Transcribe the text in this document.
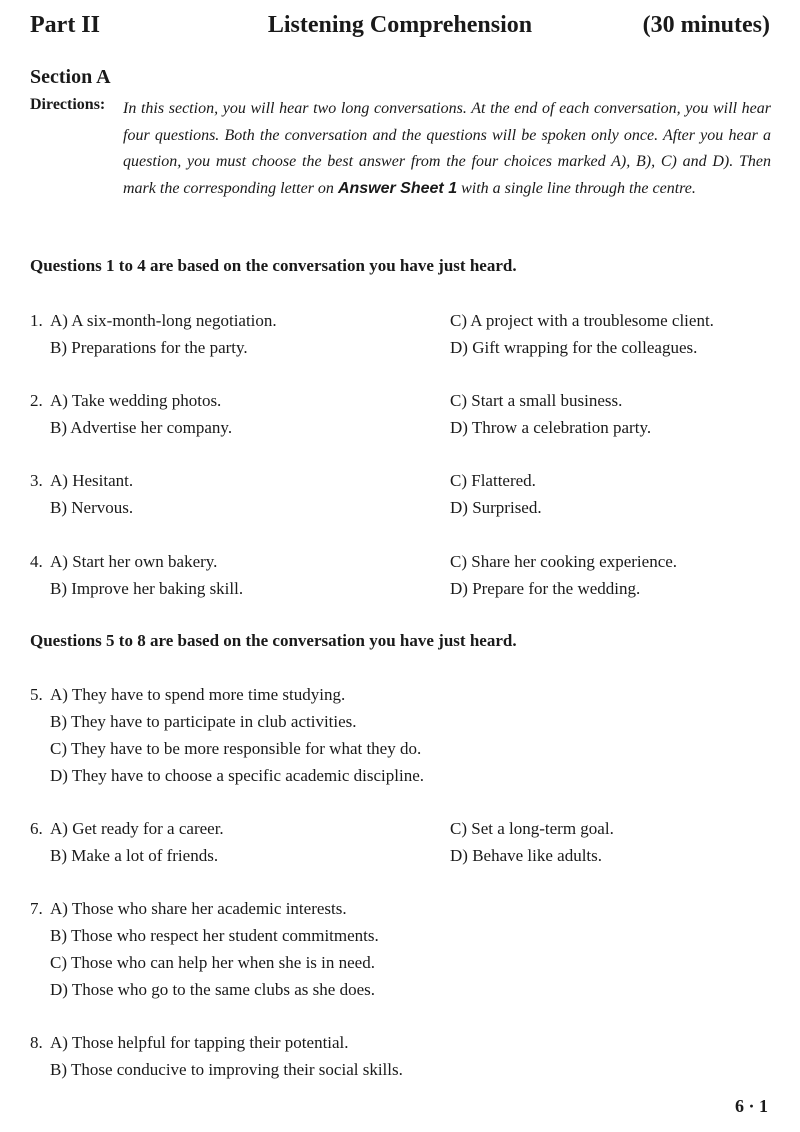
Part II	Listening Comprehension	(30 minutes)
Section A
Directions: In this section, you will hear two long conversations. At the end of each conversation, you will hear four questions. Both the conversation and the questions will be spoken only once. After you hear a question, you must choose the best answer from the four choices marked A), B), C) and D). Then mark the corresponding letter on Answer Sheet 1 with a single line through the centre.
Questions 1 to 4 are based on the conversation you have just heard.
1. A) A six-month-long negotiation.
B) Preparations for the party.
C) A project with a troublesome client.
D) Gift wrapping for the colleagues.
2. A) Take wedding photos.
B) Advertise her company.
C) Start a small business.
D) Throw a celebration party.
3. A) Hesitant.
B) Nervous.
C) Flattered.
D) Surprised.
4. A) Start her own bakery.
B) Improve her baking skill.
C) Share her cooking experience.
D) Prepare for the wedding.
Questions 5 to 8 are based on the conversation you have just heard.
5. A) They have to spend more time studying.
B) They have to participate in club activities.
C) They have to be more responsible for what they do.
D) They have to choose a specific academic discipline.
6. A) Get ready for a career.
B) Make a lot of friends.
C) Set a long-term goal.
D) Behave like adults.
7. A) Those who share her academic interests.
B) Those who respect her student commitments.
C) Those who can help her when she is in need.
D) Those who go to the same clubs as she does.
8. A) Those helpful for tapping their potential.
B) Those conducive to improving their social skills.
6 · 1
